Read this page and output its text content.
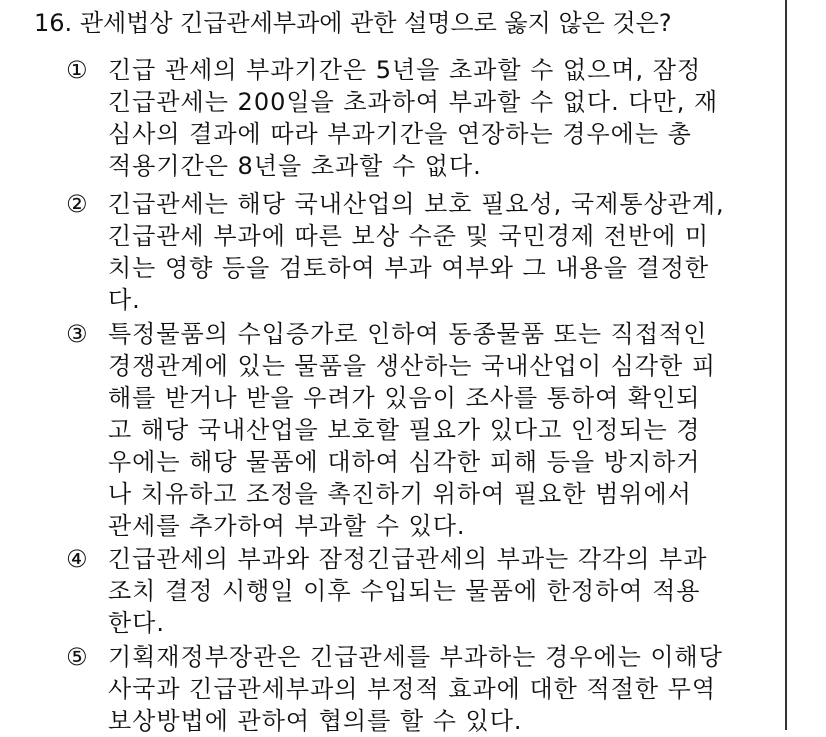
16. 관세법상 긴급관세부과에 관한 설명으로 옳지 않은 것은?
① 긴급 관세의 부과기간은 5년을 초과할 수 없으며, 잠정
긴급관세는 200일을 초과하여 부과할 수 없다. 다만, 재
심사의 결과에 따라 부과기간을 연장하는 경우에는 총
적용기간은 8년을 초과할 수 없다.
② 긴급관세는 해당 국내산업의 보호 필요성, 국제통상관계,
긴급관세 부과에 따른 보상 수준 및 국민경제 전반에 미
치는 영향 등을 검토하여 부과 여부와 그 내용을 결정한
다.
③ 특정물품의 수입증가로 인하여 동종물품 또는 직접적인
경쟁관계에 있는 물품을 생산하는 국내산업이 심각한 피
해를 받거나 받을 우려가 있음이 조사를 통하여 확인되
고 해당 국내산업을 보호할 필요가 있다고 인정되는 경
우에는 해당 물품에 대하여 심각한 피해 등을 방지하거
나 치유하고 조정을 촉진하기 위하여 필요한 범위에서
관세를 추가하여 부과할 수 있다.
④ 긴급관세의 부과와 잠정긴급관세의 부과는 각각의 부과
조치 결정 시행일 이후 수입되는 물품에 한정하여 적용
한다.
⑤ 기획재정부장관은 긴급관세를 부과하는 경우에는 이해당
사국과 긴급관세부과의 부정적 효과에 대한 적절한 무역
보상방법에 관하여 협의를 할 수 있다.
